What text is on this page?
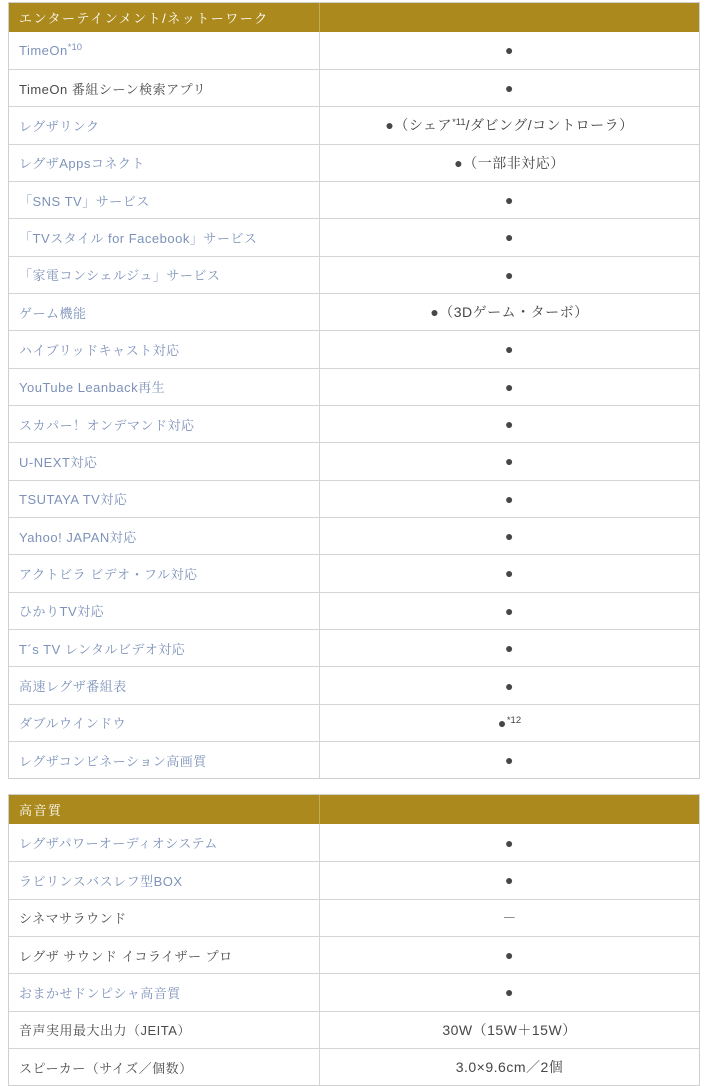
エンターテインメント/ネットーワーク
TimeOn$^{*10}$	●
TimeOn 番組シーン検索アプリ	●
レグザリンク	●（シェア$^{*11}$/ダビング/コントローラ）
レグザAppsコネクト	●（一部非対応）
「SNS TV」サービス	●
「TVスタイル for Facebook」サービス	●
「家電コンシェルジュ」サービス	●
ゲーム機能	●（3Dゲーム・ターボ）
ハイブリッドキャスト対応	●
YouTube Leanback再生	●
スカパー！オンデマンド対応	●
U-NEXT対応	●
TSUTAYA TV対応	●
Yahoo! JAPAN対応	●
アクトビラ ビデオ・フル対応	●
ひかりTV対応	●
T´s TV レンタルビデオ対応	●
高速レグザ番組表	●
ダブルウインドウ	●$^{*12}$
レグザコンビネーション高画質	●
高音質
レグザパワーオーディオシステム	●
ラビリンスバスレフ型BOX	●
シネマサラウンド	－
レグザ サウンド イコライザー プロ	●
おまかせドンピシャ高音質	●
音声実用最大出力（JEITA）	30W（15W＋15W）
スピーカー（サイズ／個数）	3.0×9.6cm／2個
